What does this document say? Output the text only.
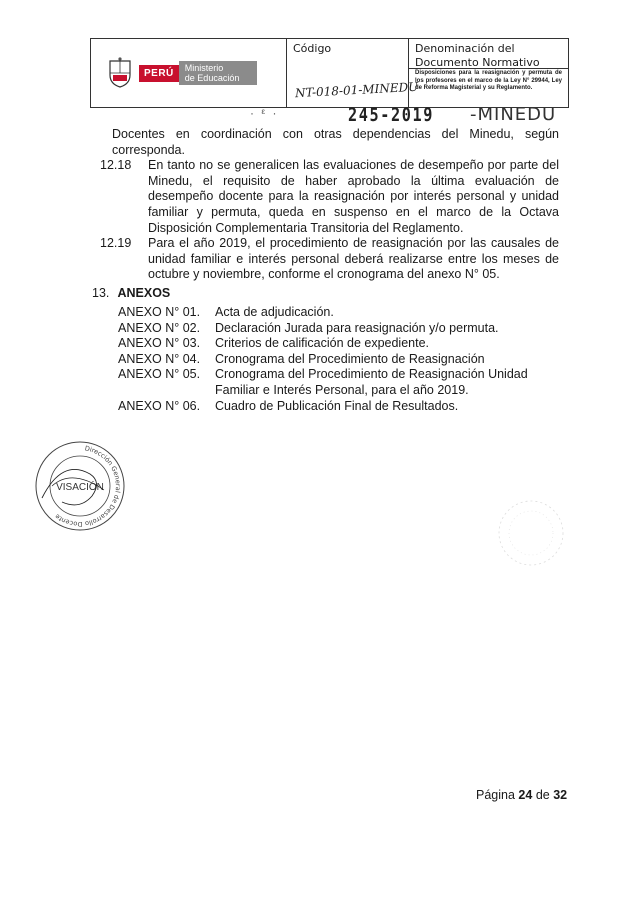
PERÚ	Ministerio
de Educación
Código
NT-018-01-MINEDU
Denominación del Documento Normativo
Disposiciones para la reasignación y permuta de los profesores en el marco de la Ley N° 29944, Ley de Reforma Magisterial y su Reglamento.
· ᵋ ·	245-2019 -MINEDU

Docentes en coordinación con otras dependencias del Minedu, según corresponda.

12.18 En tanto no se generalicen las evaluaciones de desempeño por parte del Minedu, el requisito de haber aprobado la última evaluación de desempeño docente para la reasignación por interés personal y unidad familiar y permuta, queda en suspenso en el marco de la Octava Disposición Complementaria Transitoria del Reglamento.

12.19 Para el año 2019, el procedimiento de reasignación por las causales de unidad familiar e interés personal deberá realizarse entre los meses de octubre y noviembre, conforme el cronograma del anexo N° 05.

13. ANEXOS
ANEXO N° 01.	Acta de adjudicación.
ANEXO N° 02.	Declaración Jurada para reasignación y/o permuta.
ANEXO N° 03.	Criterios de calificación de expediente.
ANEXO N° 04.	Cronograma del Procedimiento de Reasignación
ANEXO N° 05.	Cronograma del Procedimiento de Reasignación Unidad Familiar e Interés Personal, para el año 2019.
ANEXO N° 06.	Cuadro de Publicación Final de Resultados.
Dirección General de Desarrollo Docente
VISACIÓN
Página 24 de 32
